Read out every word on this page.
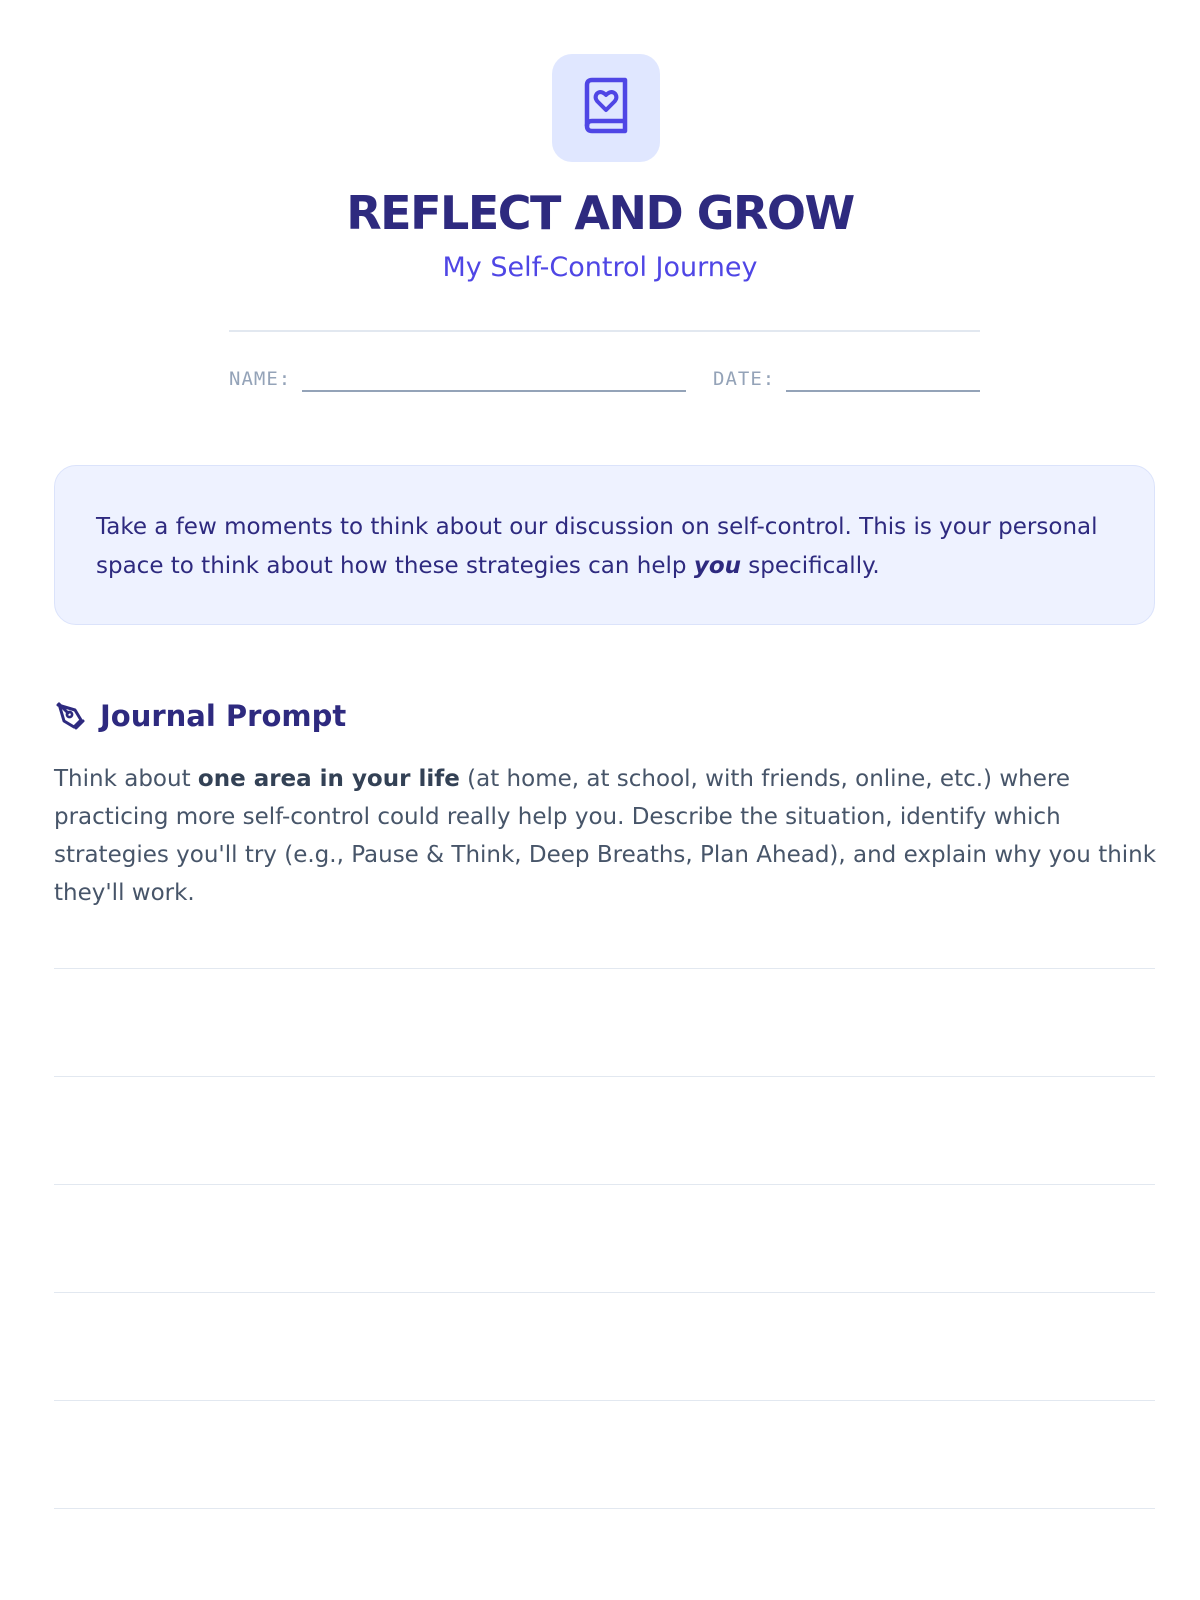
REFLECT AND GROW

My Self-Control Journey

NAME:	DATE:
Take a few moments to think about our discussion on self-control. This is your personal space to think about how these strategies can help you specifically.
Journal Prompt

Think about one area in your life (at home, at school, with friends, online, etc.) where practicing more self-control could really help you. Describe the situation, identify which strategies you'll try (e.g., Pause & Think, Deep Breaths, Plan Ahead), and explain why you think they'll work.
